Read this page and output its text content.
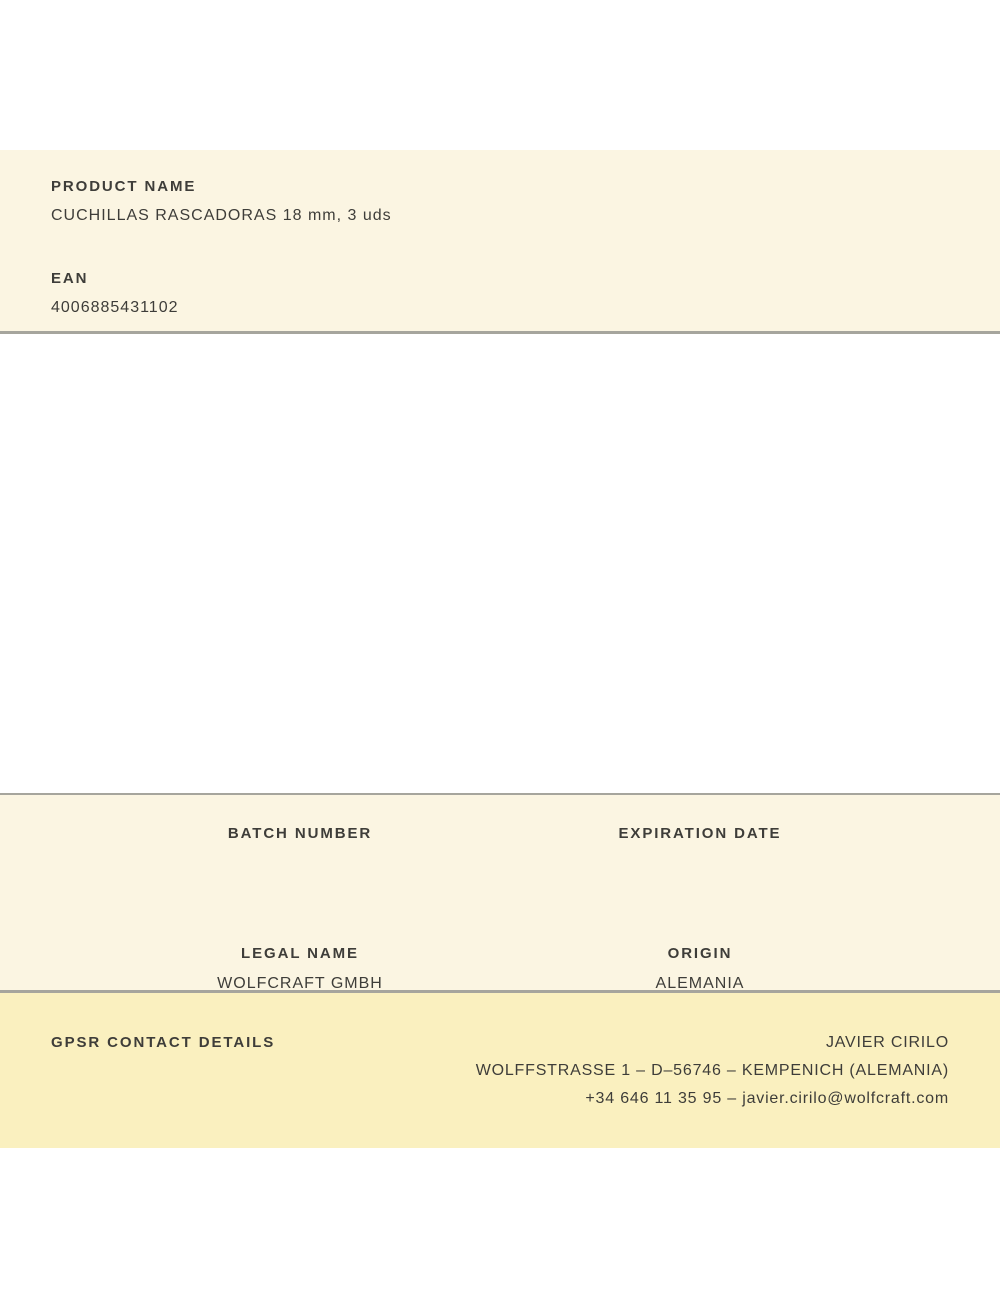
PRODUCT NAME
CUCHILLAS RASCADORAS 18 mm, 3 uds
EAN
4006885431102
BATCH NUMBER	EXPIRATION DATE
LEGAL NAME
WOLFCRAFT GMBH
ORIGIN
ALEMANIA
GPSR CONTACT DETAILS	JAVIER CIRILO
WOLFFSTRASSE 1 – D–56746 – KEMPENICH (ALEMANIA)
+34 646 11 35 95 – javier.cirilo@wolfcraft.com
